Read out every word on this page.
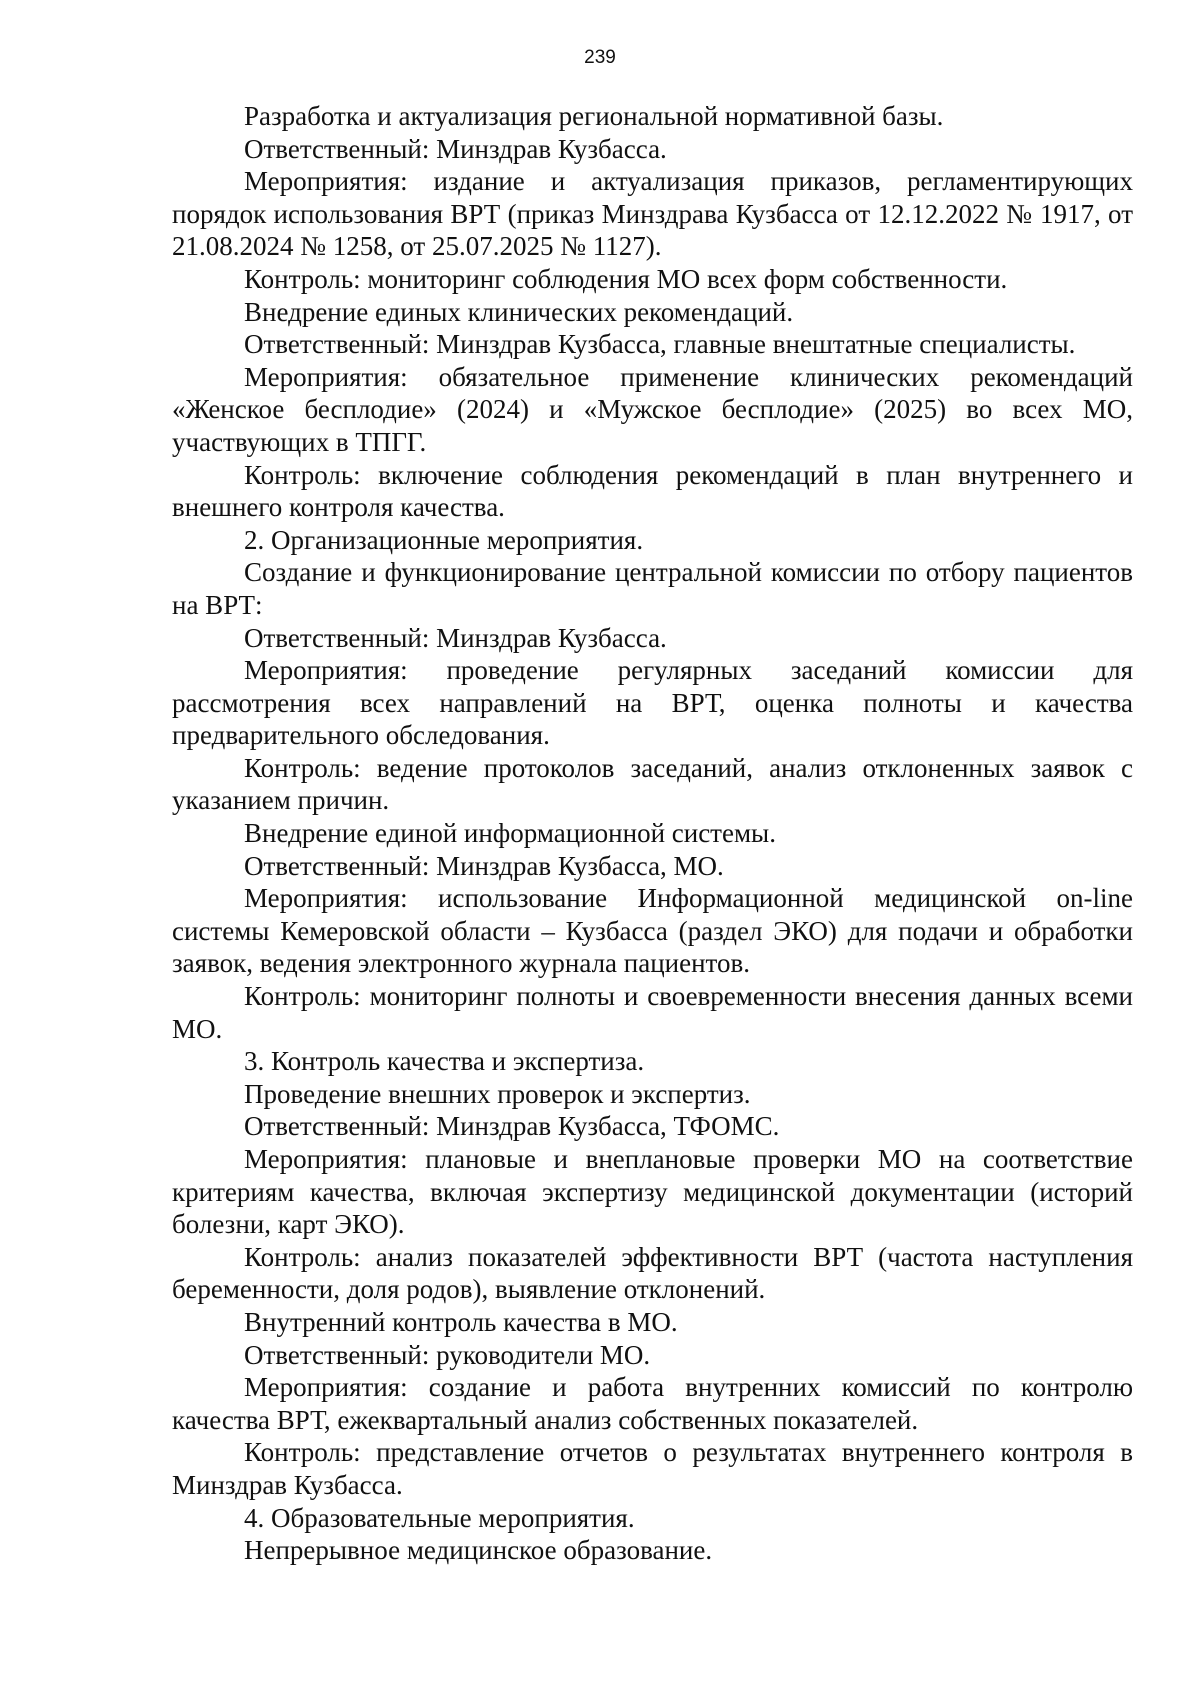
239

Разработка и актуализация региональной нормативной базы.

Ответственный: Минздрав Кузбасса.

Мероприятия: издание и актуализация приказов, регламентирующих порядок использования ВРТ (приказ Минздрава Кузбасса от 12.12.2022 № 1917, от 21.08.2024 № 1258, от 25.07.2025 № 1127).

Контроль: мониторинг соблюдения МО всех форм собственности.

Внедрение единых клинических рекомендаций.

Ответственный: Минздрав Кузбасса, главные внештатные специалисты.

Мероприятия: обязательное применение клинических рекомендаций «Женское бесплодие» (2024) и «Мужское бесплодие» (2025) во всех МО, участвующих в ТПГГ.

Контроль: включение соблюдения рекомендаций в план внутреннего и внешнего контроля качества.

2. Организационные мероприятия.

Создание и функционирование центральной комиссии по отбору пациентов на ВРТ:

Ответственный: Минздрав Кузбасса.

Мероприятия: проведение регулярных заседаний комиссии для рассмотрения всех направлений на ВРТ, оценка полноты и качества предварительного обследования.

Контроль: ведение протоколов заседаний, анализ отклоненных заявок с указанием причин.

Внедрение единой информационной системы.

Ответственный: Минздрав Кузбасса, МО.

Мероприятия: использование Информационной медицинской on-line системы Кемеровской области – Кузбасса (раздел ЭКО) для подачи и обработки заявок, ведения электронного журнала пациентов.

Контроль: мониторинг полноты и своевременности внесения данных всеми МО.

3. Контроль качества и экспертиза.

Проведение внешних проверок и экспертиз.

Ответственный: Минздрав Кузбасса, ТФОМС.

Мероприятия: плановые и внеплановые проверки МО на соответствие критериям качества, включая экспертизу медицинской документации (историй болезни, карт ЭКО).

Контроль: анализ показателей эффективности ВРТ (частота наступления беременности, доля родов), выявление отклонений.

Внутренний контроль качества в МО.

Ответственный: руководители МО.

Мероприятия: создание и работа внутренних комиссий по контролю качества ВРТ, ежеквартальный анализ собственных показателей.

Контроль: представление отчетов о результатах внутреннего контроля в Минздрав Кузбасса.

4. Образовательные мероприятия.

Непрерывное медицинское образование.
